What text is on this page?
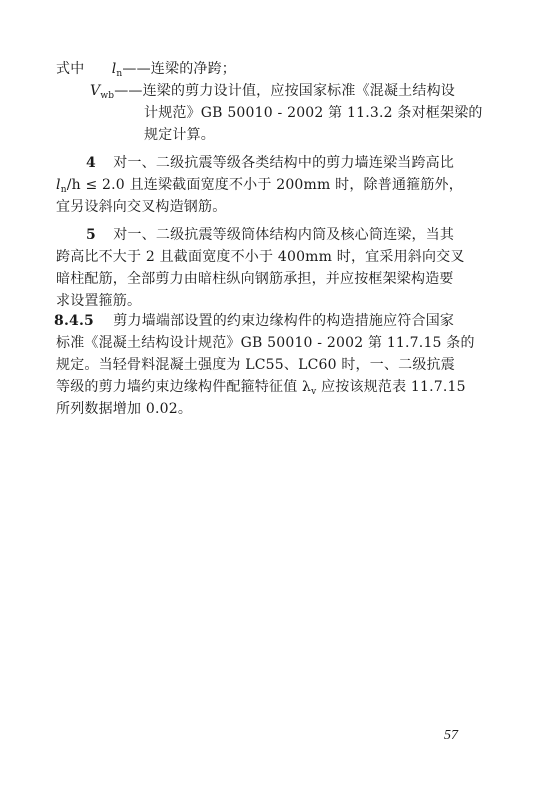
式中 $l_n——$连梁的净跨；
$V_{wb}——$连梁的剪力设计值，应按国家标准《混凝土结构设
计规范》GB 50010 - 2002 第 11.3.2 条对框架梁的
规定计算。
4 对一、二级抗震等级各类结构中的剪力墙连梁当跨高比
$l_n/h \le 2.0$ 且连梁截面宽度不小于 200mm 时，除普通箍筋外，
宜另设斜向交叉构造钢筋。
5 对一、二级抗震等级筒体结构内筒及核心筒连梁，当其
跨高比不大于 2 且截面宽度不小于 400mm 时，宜采用斜向交叉
暗柱配筋，全部剪力由暗柱纵向钢筋承担，并应按框架梁构造要
求设置箍筋。
8.4.5 剪力墙端部设置的约束边缘构件的构造措施应符合国家
标准《混凝土结构设计规范》GB 50010 - 2002 第 11.7.15 条的
规定。当轻骨料混凝土强度为 LC55、LC60 时，一、二级抗震
等级的剪力墙约束边缘构件配箍特征值 $\lambda_v$ 应按该规范表 11.7.15
所列数据增加 0.02。
57
